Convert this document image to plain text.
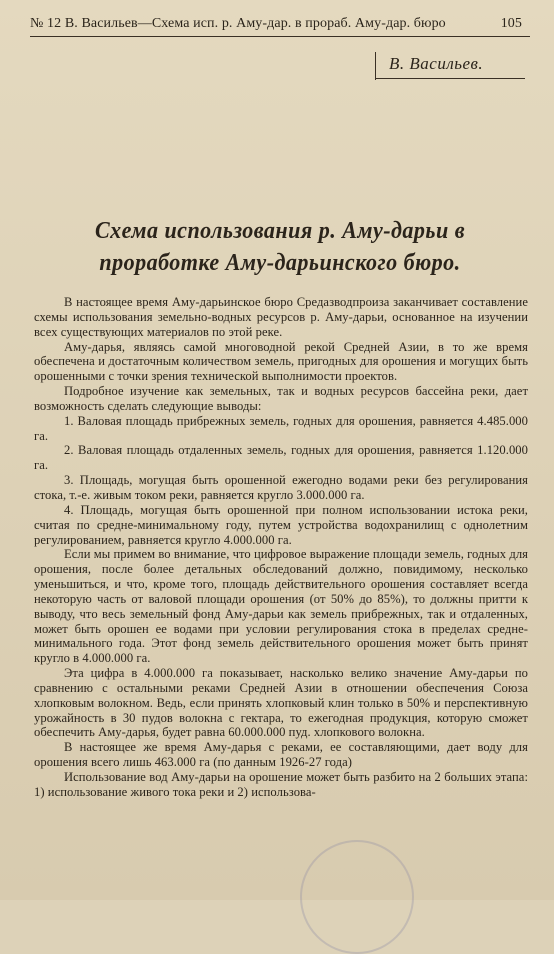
№ 12 В. Васильев—Схема исп. р. Аму-дар. в прораб. Аму-дар. бюро	105
В. Васильев.
Схема использования р. Аму-дарьи в проработке Аму-дарьинского бюро.

В настоящее время Аму-дарьинское бюро Средазводпроиза заканчивает составление схемы использования земельно-водных ресурсов р. Аму-дарьи, основанное на изучении всех существующих материалов по этой реке.

Аму-дарья, являясь самой многоводной рекой Средней Азии, в то же время обеспечена и достаточным количеством земель, пригодных для орошения и могущих быть орошенными с точки зрения технической выполнимости проектов.

Подробное изучение как земельных, так и водных ресурсов бассейна реки, дает возможность сделать следующие выводы:

1. Валовая площадь прибрежных земель, годных для орошения, равняется 4.485.000 га.

2. Валовая площадь отдаленных земель, годных для орошения, равняется 1.120.000 га.

3. Площадь, могущая быть орошенной ежегодно водами реки без регулирования стока, т.-е. живым током реки, равняется кругло 3.000.000 га.

4. Площадь, могущая быть орошенной при полном использовании истока реки, считая по средне-минимальному году, путем устройства водохранилищ с однолетним регулированием, равняется кругло 4.000.000 га.

Если мы примем во внимание, что цифровое выражение площади земель, годных для орошения, после более детальных обследований должно, повидимому, несколько уменьшиться, и что, кроме того, площадь действительного орошения составляет всегда некоторую часть от валовой площади орошения (от 50% до 85%), то должны притти к выводу, что весь земельный фонд Аму-дарьи как земель прибрежных, так и отдаленных, может быть орошен ее водами при условии регулирования стока в пределах средне-минимального года. Этот фонд земель действительного орошения может быть принят кругло в 4.000.000 га.

Эта цифра в 4.000.000 га показывает, насколько велико значение Аму-дарьи по сравнению с остальными реками Средней Азии в отношении обеспечения Союза хлопковым волокном. Ведь, если принять хлопковый клин только в 50% и перспективную урожайность в 30 пудов волокна с гектара, то ежегодная продукция, которую сможет обеспечить Аму-дарья, будет равна 60.000.000 пуд. хлопкового волокна.

В настоящее же время Аму-дарья с реками, ее составляющими, дает воду для орошения всего лишь 463.000 га (по данным 1926-27 года)

Использование вод Аму-дарьи на орошение может быть разбито на 2 больших этапа: 1) использование живого тока реки и 2) использова-
